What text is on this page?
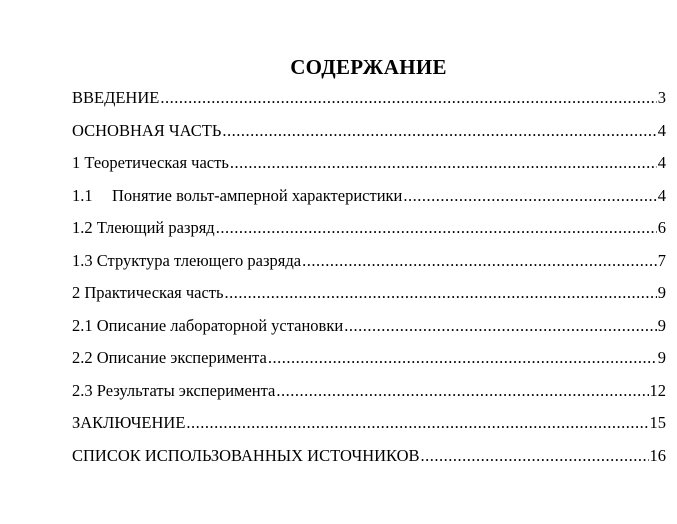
СОДЕРЖАНИЕ
ВВЕДЕНИЕ .....	3
ОСНОВНАЯ ЧАСТЬ .....	4
1 Теоретическая часть .....	4
1.1 Понятие вольт-амперной характеристики .....	4
1.2 Тлеющий разряд .....	6
1.3 Структура тлеющего разряда .....	7
2 Практическая часть .....	9
2.1 Описание лабораторной установки .....	9
2.2 Описание эксперимента .....	9
2.3 Результаты эксперимента .....	12
ЗАКЛЮЧЕНИЕ .....	15
СПИСОК ИСПОЛЬЗОВАННЫХ ИСТОЧНИКОВ .....	16
